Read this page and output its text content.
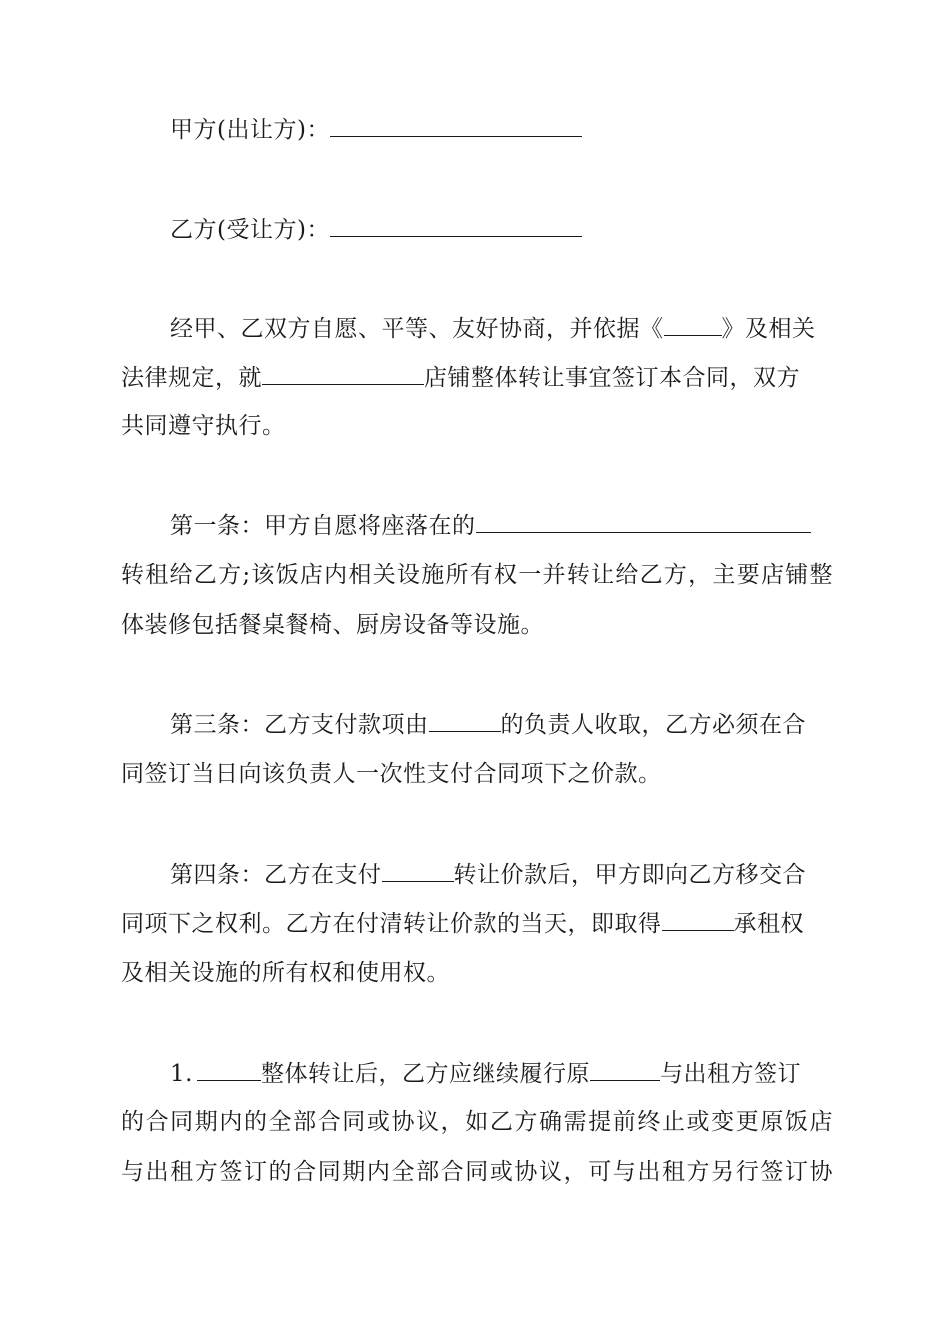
甲方(出让方)：
乙方(受让方)：
经甲、乙双方自愿、平等、友好协商，并依据《	》及相关
法律规定，就	店铺整体转让事宜签订本合同，双方
共同遵守执行。
第一条：甲方自愿将座落在的
转租给乙方;该饭店内相关设施所有权一并转让给乙方，主要店铺整
体装修包括餐桌餐椅、厨房设备等设施。
第三条：乙方支付款项由	的负责人收取，乙方必须在合
同签订当日向该负责人一次性支付合同项下之价款。
第四条：乙方在支付	转让价款后，甲方即向乙方移交合
同项下之权利。乙方在付清转让价款的当天，即取得	承租权
及相关设施的所有权和使用权。
1.	整体转让后，乙方应继续履行原	与出租方签订
的合同期内的全部合同或协议，如乙方确需提前终止或变更原饭店
与出租方签订的合同期内全部合同或协议，可与出租方另行签订协
